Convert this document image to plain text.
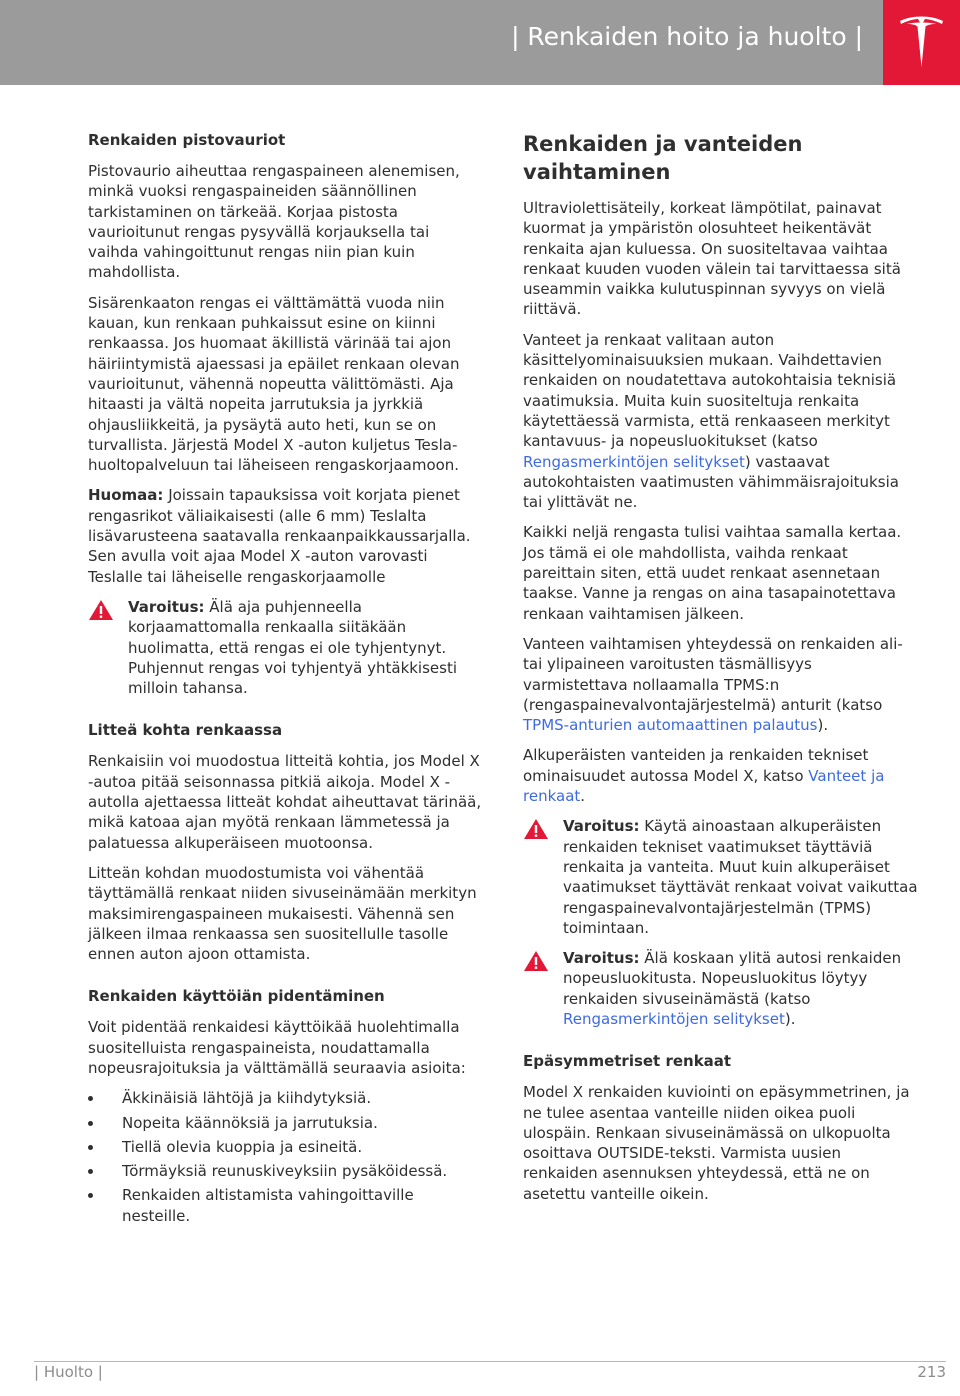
| Renkaiden hoito ja huolto |
Renkaiden pistovauriot

Pistovaurio aiheuttaa rengaspaineen alenemisen, minkä vuoksi rengaspaineiden säännöllinen tarkistaminen on tärkeää. Korjaa pistosta vaurioitunut rengas pysyvällä korjauksella tai vaihda vahingoittunut rengas niin pian kuin mahdollista.

Sisärenkaaton rengas ei välttämättä vuoda niin kauan, kun renkaan puhkaissut esine on kiinni renkaassa. Jos huomaat äkillistä värinää tai ajon häiriintymistä ajaessasi ja epäilet renkaan olevan vaurioitunut, vähennä nopeutta välittömästi. Aja hitaasti ja vältä nopeita jarrutuksia ja jyrkkiä ohjausliikkeitä, ja pysäytä auto heti, kun se on turvallista. Järjestä Model X -auton kuljetus Tesla-huoltopalveluun tai läheiseen rengaskorjaamoon.

Huomaa: Joissain tapauksissa voit korjata pienet rengasrikot väliaikaisesti (alle 6 mm) Teslalta lisävarusteena saatavalla renkaanpaikkaussarjalla. Sen avulla voit ajaa Model X -auton varovasti Teslalle tai läheiselle rengaskorjaamolle

Varoitus: Älä aja puhjenneella korjaamattomalla renkaalla siitäkään huolimatta, että rengas ei ole tyhjentynyt. Puhjennut rengas voi tyhjentyä yhtäkkisesti milloin tahansa.

Litteä kohta renkaassa

Renkaisiin voi muodostua litteitä kohtia, jos Model X -autoa pitää seisonnassa pitkiä aikoja. Model X -autolla ajettaessa litteät kohdat aiheuttavat tärinää, mikä katoaa ajan myötä renkaan lämmetessä ja palatuessa alkuperäiseen muotoonsa.

Litteän kohdan muodostumista voi vähentää täyttämällä renkaat niiden sivuseinämään merkityn maksimirengaspaineen mukaisesti. Vähennä sen jälkeen ilmaa renkaassa sen suositellulle tasolle ennen auton ajoon ottamista.

Renkaiden käyttöiän pidentäminen

Voit pidentää renkaidesi käyttöikää huolehtimalla suositelluista rengaspaineista, noudattamalla nopeusrajoituksia ja välttämällä seuraavia asioita:

Äkkinäisiä lähtöjä ja kiihdytyksiä.
Nopeita käännöksiä ja jarrutuksia.
Tiellä olevia kuoppia ja esineitä.
Törmäyksiä reunuskiveyksiin pysäköidessä.
Renkaiden altistamista vahingoittaville nesteille.
Renkaiden ja vanteiden vaihtaminen

Ultraviolettisäteily, korkeat lämpötilat, painavat kuormat ja ympäristön olosuhteet heikentävät renkaita ajan kuluessa. On suositeltavaa vaihtaa renkaat kuuden vuoden välein tai tarvittaessa sitä useammin vaikka kulutuspinnan syvyys on vielä riittävä.

Vanteet ja renkaat valitaan auton käsittelyominaisuuksien mukaan. Vaihdettavien renkaiden on noudatettava autokohtaisia teknisiä vaatimuksia. Muita kuin suositeltuja renkaita käytettäessä varmista, että renkaaseen merkityt kantavuus- ja nopeusluokitukset (katso Rengasmerkintöjen selitykset) vastaavat autokohtaisten vaatimusten vähimmäisrajoituksia tai ylittävät ne.

Kaikki neljä rengasta tulisi vaihtaa samalla kertaa. Jos tämä ei ole mahdollista, vaihda renkaat pareittain siten, että uudet renkaat asennetaan taakse. Vanne ja rengas on aina tasapainotettava renkaan vaihtamisen jälkeen.

Vanteen vaihtamisen yhteydessä on renkaiden ali- tai ylipaineen varoitusten täsmällisyys varmistettava nollaamalla TPMS:n (rengaspainevalvontajärjestelmä) anturit (katso TPMS-anturien automaattinen palautus).

Alkuperäisten vanteiden ja renkaiden tekniset ominaisuudet autossa Model X, katso Vanteet ja renkaat.

Varoitus: Käytä ainoastaan alkuperäisten renkaiden tekniset vaatimukset täyttäviä renkaita ja vanteita. Muut kuin alkuperäiset vaatimukset täyttävät renkaat voivat vaikuttaa rengaspainevalvontajärjestelmän (TPMS) toimintaan.

Varoitus: Älä koskaan ylitä autosi renkaiden nopeusluokitusta. Nopeusluokitus löytyy renkaiden sivuseinämästä (katso Rengasmerkintöjen selitykset).

Epäsymmetriset renkaat

Model X renkaiden kuviointi on epäsymmetrinen, ja ne tulee asentaa vanteille niiden oikea puoli ulospäin. Renkaan sivuseinämässä on ulkopuolta osoittava OUTSIDE-teksti. Varmista uusien renkaiden asennuksen yhteydessä, että ne on asetettu vanteille oikein.

| Huolto |	213
